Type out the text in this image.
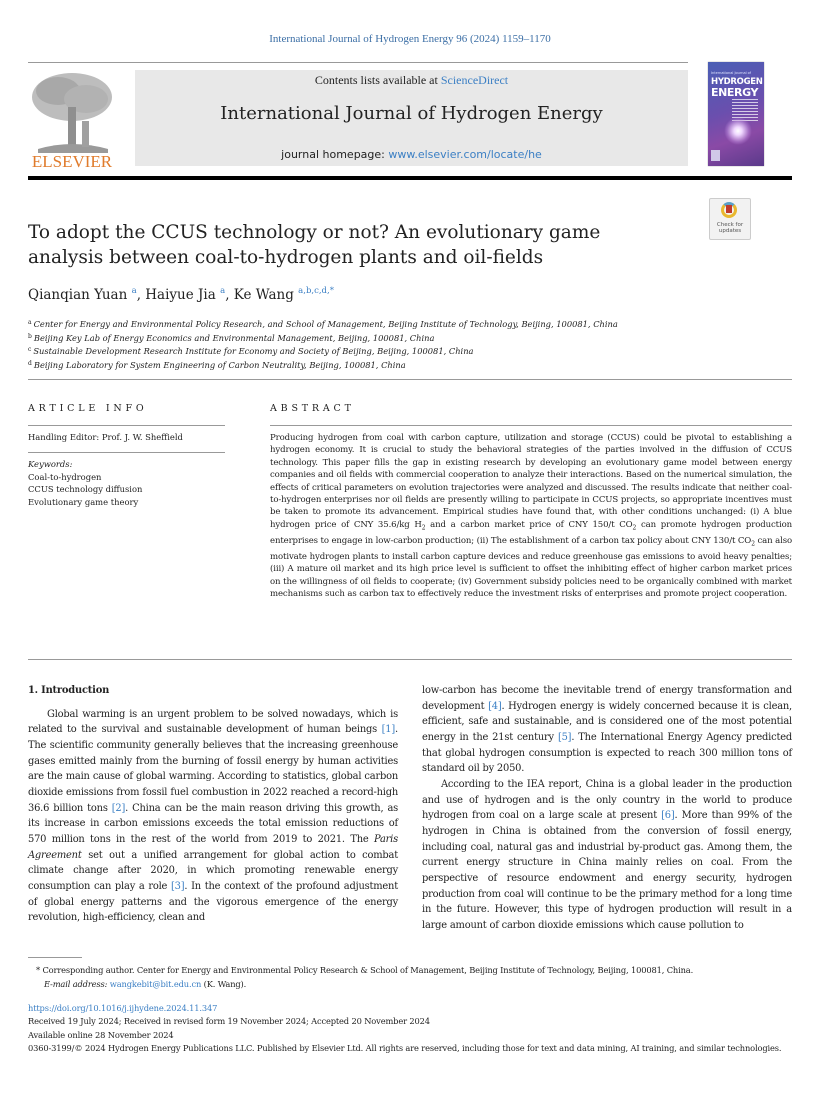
International Journal of Hydrogen Energy 96 (2024) 1159–1170
ELSEVIER
Contents lists available at ScienceDirect
International Journal of Hydrogen Energy
journal homepage: www.elsevier.com/locate/he
International Journal of
HYDROGEN
ENERGY
Check for
updates
To adopt the CCUS technology or not? An evolutionary game analysis between coal-to-hydrogen plants and oil-fields
Qianqian Yuan $^a$, Haiyue Jia $^a$, Ke Wang $^{a,b,c,d,*}$
$^a$ Center for Energy and Environmental Policy Research, and School of Management, Beijing Institute of Technology, Beijing, 100081, China
$^b$ Beijing Key Lab of Energy Economics and Environmental Management, Beijing, 100081, China
$^c$ Sustainable Development Research Institute for Economy and Society of Beijing, Beijing, 100081, China
$^d$ Beijing Laboratory for System Engineering of Carbon Neutrality, Beijing, 100081, China
ARTICLE INFO
Handling Editor: Prof. J. W. Sheffield
Keywords:
Coal-to-hydrogen
CCUS technology diffusion
Evolutionary game theory
ABSTRACT
Producing hydrogen from coal with carbon capture, utilization and storage (CCUS) could be pivotal to establishing a hydrogen economy. It is crucial to study the behavioral strategies of the parties involved in the diffusion of CCUS technology. This paper fills the gap in existing research by developing an evolutionary game model between energy companies and oil fields with commercial cooperation to analyze their interactions. Based on the numerical simulation, the effects of critical parameters on evolution trajectories were analyzed and discussed. The results indicate that neither coal-to-hydrogen enterprises nor oil fields are presently willing to participate in CCUS projects, so appropriate incentives must be taken to promote its advancement. Empirical studies have found that, with other conditions unchanged: (i) A blue hydrogen price of CNY 35.6/kg $H_2$ and a carbon market price of CNY 150/t $CO_2$ can promote hydrogen production enterprises to engage in low-carbon production; (ii) The establishment of a carbon tax policy about CNY 130/t $CO_2$ can also motivate hydrogen plants to install carbon capture devices and reduce greenhouse gas emissions to avoid heavy penalties; (iii) A mature oil market and its high price level is sufficient to offset the inhibiting effect of higher carbon market prices on the willingness of oil fields to cooperate; (iv) Government subsidy policies need to be organically combined with market mechanisms such as carbon tax to effectively reduce the investment risks of enterprises and promote project cooperation.
1. Introduction

Global warming is an urgent problem to be solved nowadays, which is related to the survival and sustainable development of human beings [1]. The scientific community generally believes that the increasing greenhouse gases emitted mainly from the burning of fossil energy by human activities are the main cause of global warming. According to statistics, global carbon dioxide emissions from fossil fuel combustion in 2022 reached a record-high 36.6 billion tons [2]. China can be the main reason driving this growth, as its increase in carbon emissions exceeds the total emission reductions of 570 million tons in the rest of the world from 2019 to 2021. The Paris Agreement set out a unified arrangement for global action to combat climate change after 2020, in which promoting renewable energy consumption can play a role [3]. In the context of the profound adjustment of global energy patterns and the vigorous emergence of the energy revolution, high-efficiency, clean and

low-carbon has become the inevitable trend of energy transformation and development [4]. Hydrogen energy is widely concerned because it is clean, efficient, safe and sustainable, and is considered one of the most potential energy in the 21st century [5]. The International Energy Agency predicted that global hydrogen consumption is expected to reach 300 million tons of standard oil by 2050.

According to the IEA report, China is a global leader in the production and use of hydrogen and is the only country in the world to produce hydrogen from coal on a large scale at present [6]. More than 99% of the hydrogen in China is obtained from the conversion of fossil energy, including coal, natural gas and industrial by-product gas. Among them, the current energy structure in China mainly relies on coal. From the perspective of resource endowment and energy security, hydrogen production from coal will continue to be the primary method for a long time in the future. However, this type of hydrogen production will result in a large amount of carbon dioxide emissions which cause pollution to

* Corresponding author. Center for Energy and Environmental Policy Research & School of Management, Beijing Institute of Technology, Beijing, 100081, China.
E-mail address: wangkebit@bit.edu.cn (K. Wang).
https://doi.org/10.1016/j.ijhydene.2024.11.347
Received 19 July 2024; Received in revised form 19 November 2024; Accepted 20 November 2024
Available online 28 November 2024
0360-3199/© 2024 Hydrogen Energy Publications LLC. Published by Elsevier Ltd. All rights are reserved, including those for text and data mining, AI training, and similar technologies.
